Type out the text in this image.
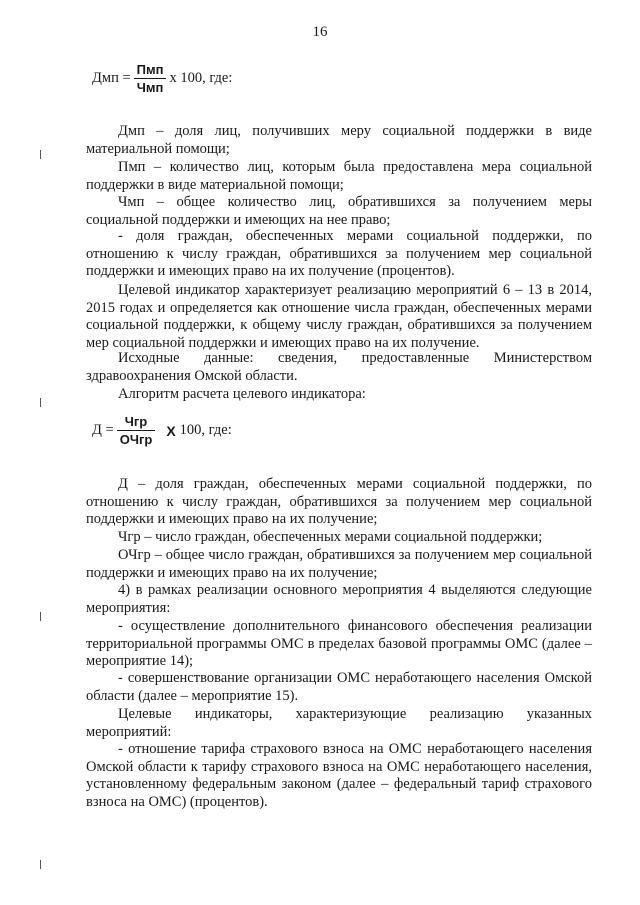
16
Дмп = $\frac{\text{Пмп}}{\text{Чмп}}$ х 100, где:

Дмп – доля лиц, получивших меру социальной поддержки в виде материальной помощи;

Пмп – количество лиц, которым была предоставлена мера социальной поддержки в виде материальной помощи;

Чмп – общее количество лиц, обратившихся за получением меры социальной поддержки и имеющих на нее право;

- доля граждан, обеспеченных мерами социальной поддержки, по отношению к числу граждан, обратившихся за получением мер социальной поддержки и имеющих право на их получение (процентов).

Целевой индикатор характеризует реализацию мероприятий 6 – 13 в 2014, 2015 годах и определяется как отношение числа граждан, обеспеченных мерами социальной поддержки, к общему числу граждан, обратившихся за получением мер социальной поддержки и имеющих право на их получение.

Исходные данные: сведения, предоставленные Министерством здравоохранения Омской области.

Алгоритм расчета целевого индикатора:

$Д = \frac{\text{Чгр}}{\text{ОЧгр}}$ Х 100, где:

Д – доля граждан, обеспеченных мерами социальной поддержки, по отношению к числу граждан, обратившихся за получением мер социальной поддержки и имеющих право на их получение;

Чгр – число граждан, обеспеченных мерами социальной поддержки;

ОЧгр – общее число граждан, обратившихся за получением мер социальной поддержки и имеющих право на их получение;

4) в рамках реализации основного мероприятия 4 выделяются следующие мероприятия:

- осуществление дополнительного финансового обеспечения реализации территориальной программы ОМС в пределах базовой программы ОМС (далее – мероприятие 14);

- совершенствование организации ОМС неработающего населения Омской области (далее – мероприятие 15).

Целевые индикаторы, характеризующие реализацию указанных мероприятий:

- отношение тарифа страхового взноса на ОМС неработающего населения Омской области к тарифу страхового взноса на ОМС неработающего населения, установленному федеральным законом (далее – федеральный тариф страхового взноса на ОМС) (процентов).
